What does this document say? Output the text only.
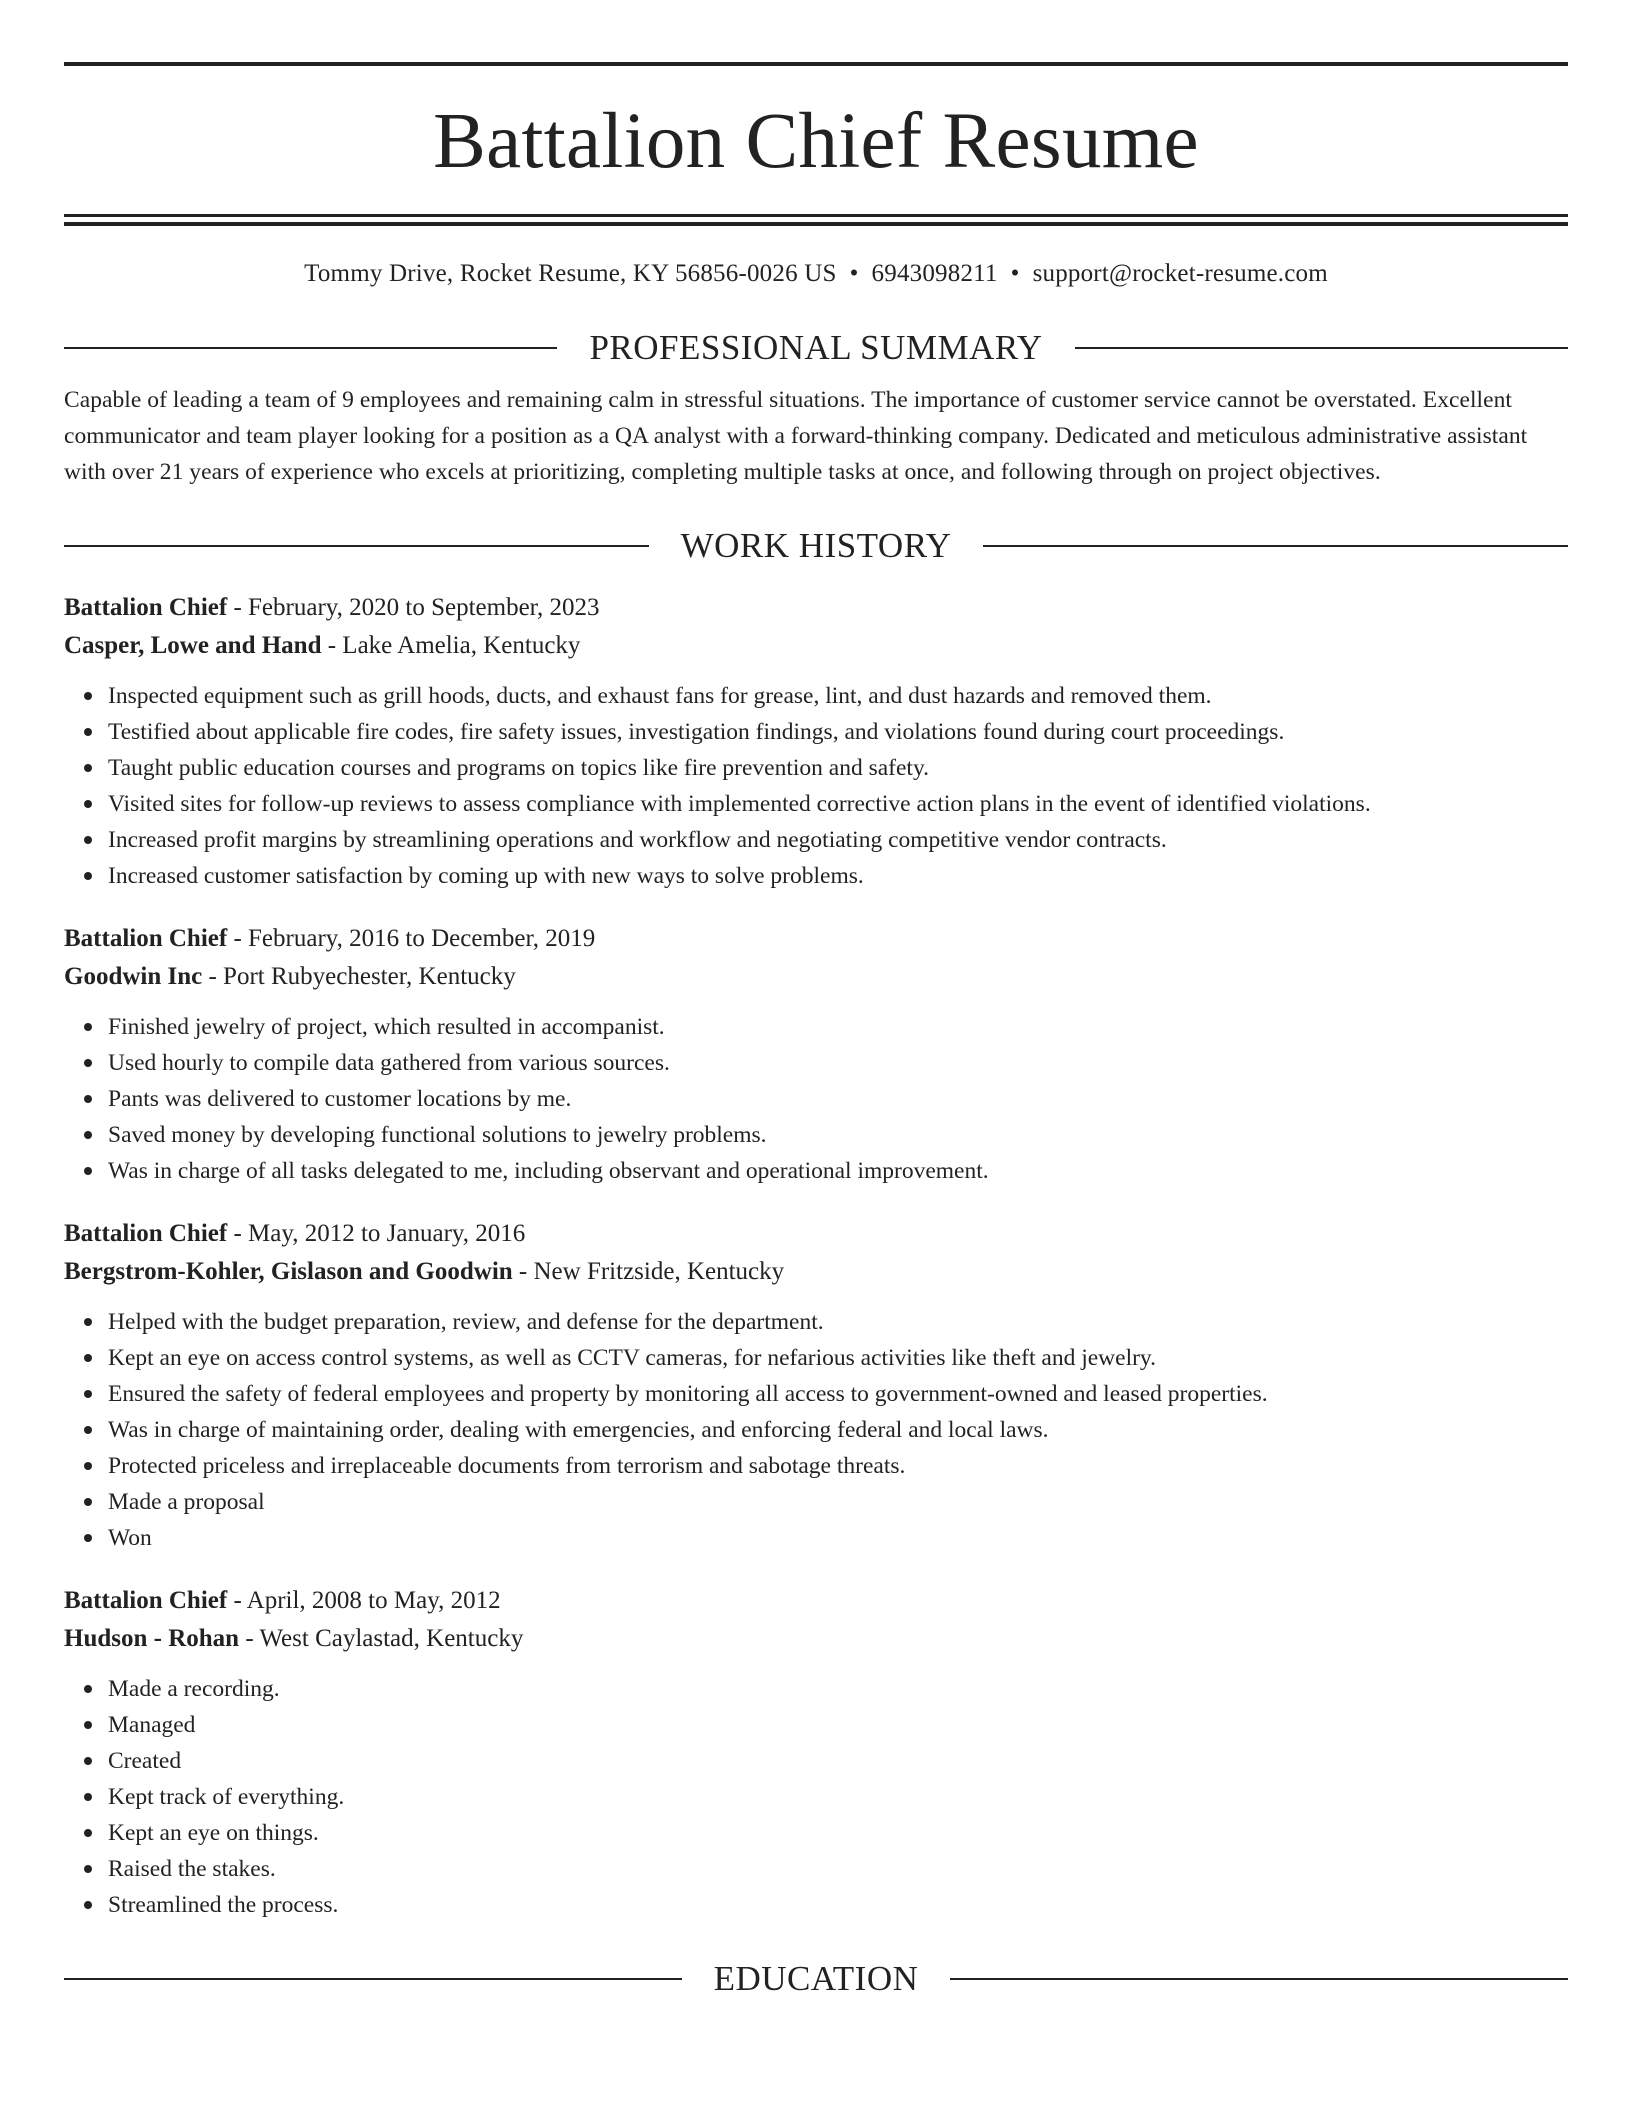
Battalion Chief Resume
Tommy Drive, Rocket Resume, KY 56856-0026 US • 6943098211 • support@rocket-resume.com
PROFESSIONAL SUMMARY
Capable of leading a team of 9 employees and remaining calm in stressful situations. The importance of customer service cannot be overstated. Excellent communicator and team player looking for a position as a QA analyst with a forward-thinking company. Dedicated and meticulous administrative assistant with over 21 years of experience who excels at prioritizing, completing multiple tasks at once, and following through on project objectives.
WORK HISTORY
Battalion Chief - February, 2020 to September, 2023
Casper, Lowe and Hand - Lake Amelia, Kentucky
Inspected equipment such as grill hoods, ducts, and exhaust fans for grease, lint, and dust hazards and removed them.
Testified about applicable fire codes, fire safety issues, investigation findings, and violations found during court proceedings.
Taught public education courses and programs on topics like fire prevention and safety.
Visited sites for follow-up reviews to assess compliance with implemented corrective action plans in the event of identified violations.
Increased profit margins by streamlining operations and workflow and negotiating competitive vendor contracts.
Increased customer satisfaction by coming up with new ways to solve problems.
Battalion Chief - February, 2016 to December, 2019
Goodwin Inc - Port Rubyechester, Kentucky
Finished jewelry of project, which resulted in accompanist.
Used hourly to compile data gathered from various sources.
Pants was delivered to customer locations by me.
Saved money by developing functional solutions to jewelry problems.
Was in charge of all tasks delegated to me, including observant and operational improvement.
Battalion Chief - May, 2012 to January, 2016
Bergstrom-Kohler, Gislason and Goodwin - New Fritzside, Kentucky
Helped with the budget preparation, review, and defense for the department.
Kept an eye on access control systems, as well as CCTV cameras, for nefarious activities like theft and jewelry.
Ensured the safety of federal employees and property by monitoring all access to government-owned and leased properties.
Was in charge of maintaining order, dealing with emergencies, and enforcing federal and local laws.
Protected priceless and irreplaceable documents from terrorism and sabotage threats.
Made a proposal
Won
Battalion Chief - April, 2008 to May, 2012
Hudson - Rohan - West Caylastad, Kentucky
Made a recording.
Managed
Created
Kept track of everything.
Kept an eye on things.
Raised the stakes.
Streamlined the process.
EDUCATION
